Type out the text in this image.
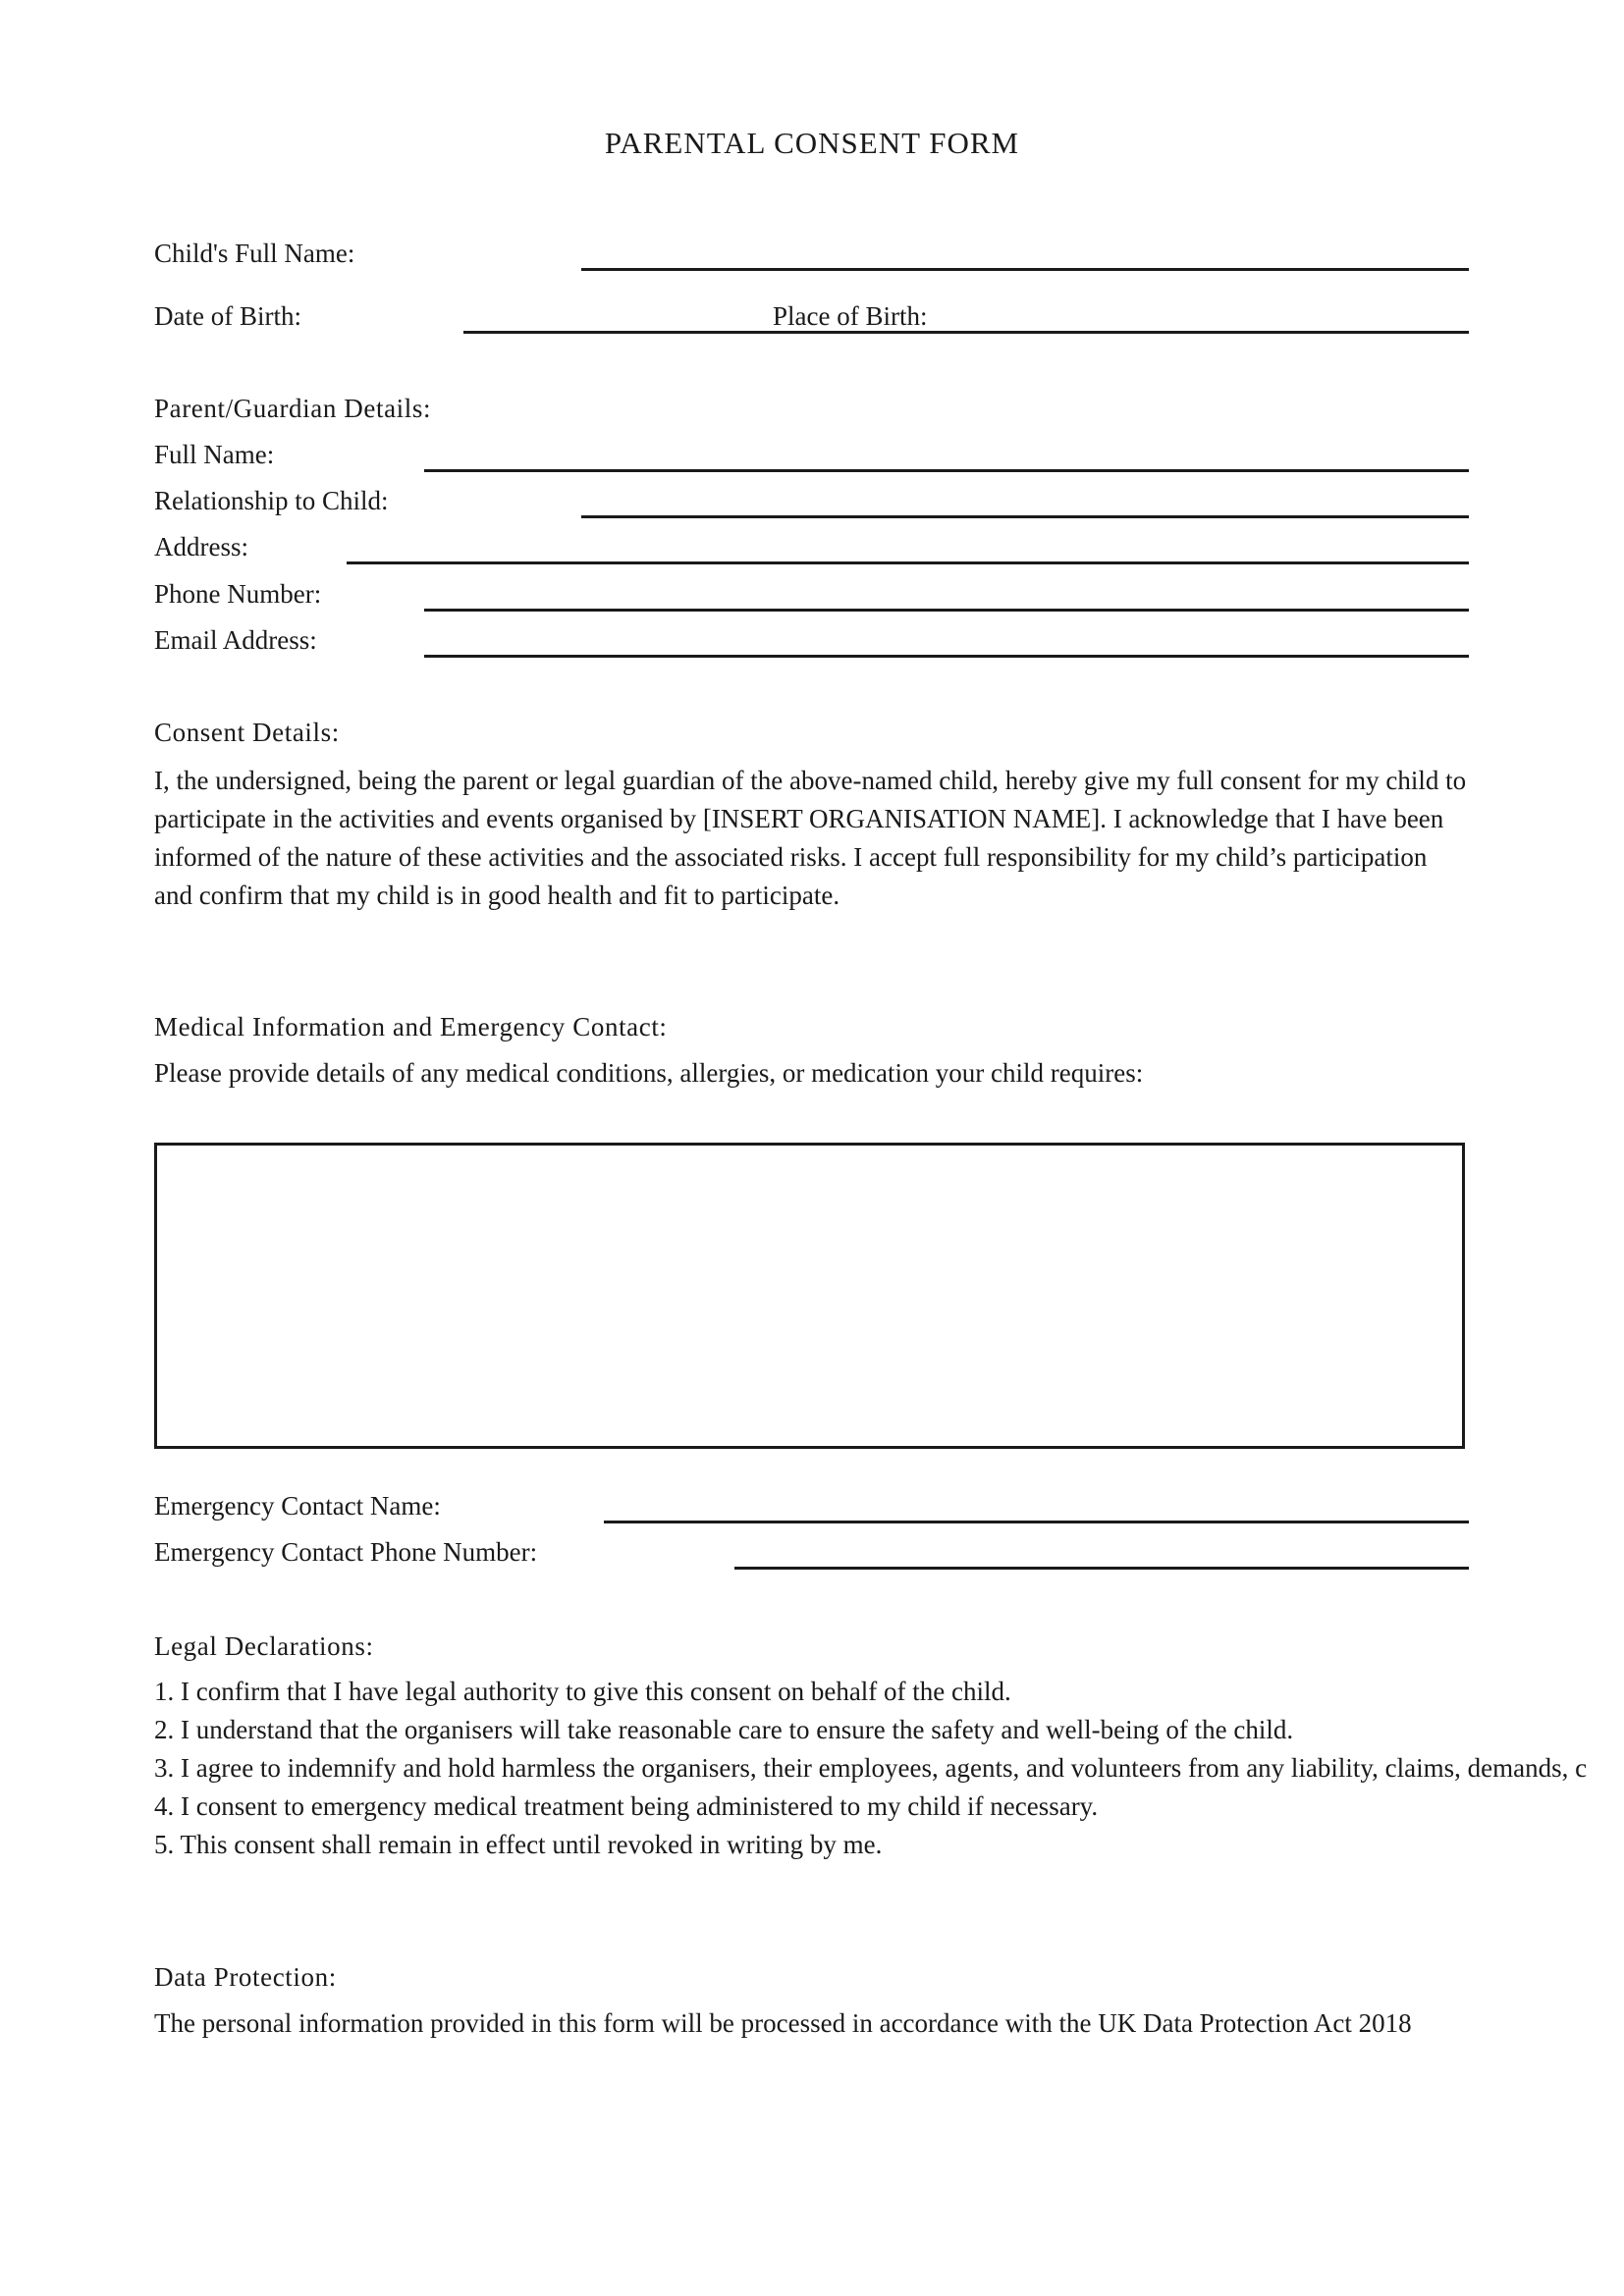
PARENTAL CONSENT FORM
Child's Full Name:
Date of Birth:	Place of Birth:
Parent/Guardian Details:
Full Name:
Relationship to Child:
Address:
Phone Number:
Email Address:
Consent Details:
I, the undersigned, being the parent or legal guardian of the above-named child, hereby give my full consent for my child to participate in the activities and events organised by [INSERT ORGANISATION NAME]. I acknowledge that I have been informed of the nature of these activities and the associated risks. I accept full responsibility for my child’s participation and confirm that my child is in good health and fit to participate.
Medical Information and Emergency Contact:
Please provide details of any medical conditions, allergies, or medication your child requires:
Emergency Contact Name:
Emergency Contact Phone Number:
Legal Declarations:
1. I confirm that I have legal authority to give this consent on behalf of the child.
2. I understand that the organisers will take reasonable care to ensure the safety and well-being of the child.
3. I agree to indemnify and hold harmless the organisers, their employees, agents, and volunteers from any liability, claims, demands, c
4. I consent to emergency medical treatment being administered to my child if necessary.
5. This consent shall remain in effect until revoked in writing by me.
Data Protection:
The personal information provided in this form will be processed in accordance with the UK Data Protection Act 2018
